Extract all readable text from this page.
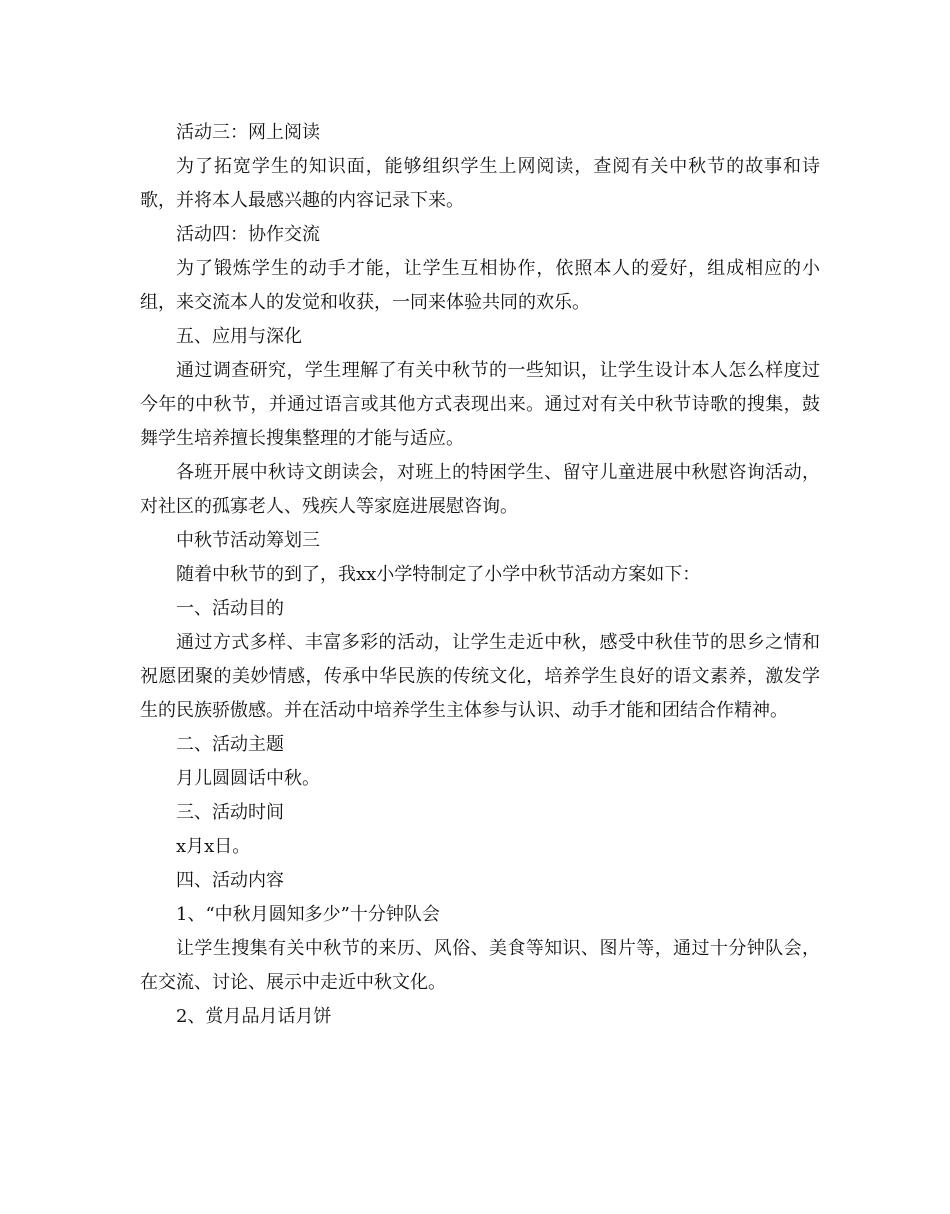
活动三：网上阅读

为了拓宽学生的知识面，能够组织学生上网阅读，查阅有关中秋节的故事和诗歌，并将本人最感兴趣的内容记录下来。

活动四：协作交流

为了锻炼学生的动手才能，让学生互相协作，依照本人的爱好，组成相应的小组，来交流本人的发觉和收获，一同来体验共同的欢乐。

五、应用与深化

通过调查研究，学生理解了有关中秋节的一些知识，让学生设计本人怎么样度过今年的中秋节，并通过语言或其他方式表现出来。通过对有关中秋节诗歌的搜集，鼓舞学生培养擅长搜集整理的才能与适应。

各班开展中秋诗文朗读会，对班上的特困学生、留守儿童进展中秋慰咨询活动，对社区的孤寡老人、残疾人等家庭进展慰咨询。

中秋节活动筹划三

随着中秋节的到了，我xx小学特制定了小学中秋节活动方案如下：

一、活动目的

通过方式多样、丰富多彩的活动，让学生走近中秋，感受中秋佳节的思乡之情和祝愿团聚的美妙情感，传承中华民族的传统文化，培养学生良好的语文素养，激发学生的民族骄傲感。并在活动中培养学生主体参与认识、动手才能和团结合作精神。

二、活动主题

月儿圆圆话中秋。

三、活动时间

x月x日。

四、活动内容

1、“中秋月圆知多少”十分钟队会

让学生搜集有关中秋节的来历、风俗、美食等知识、图片等，通过十分钟队会，在交流、讨论、展示中走近中秋文化。

2、赏月品月话月饼
